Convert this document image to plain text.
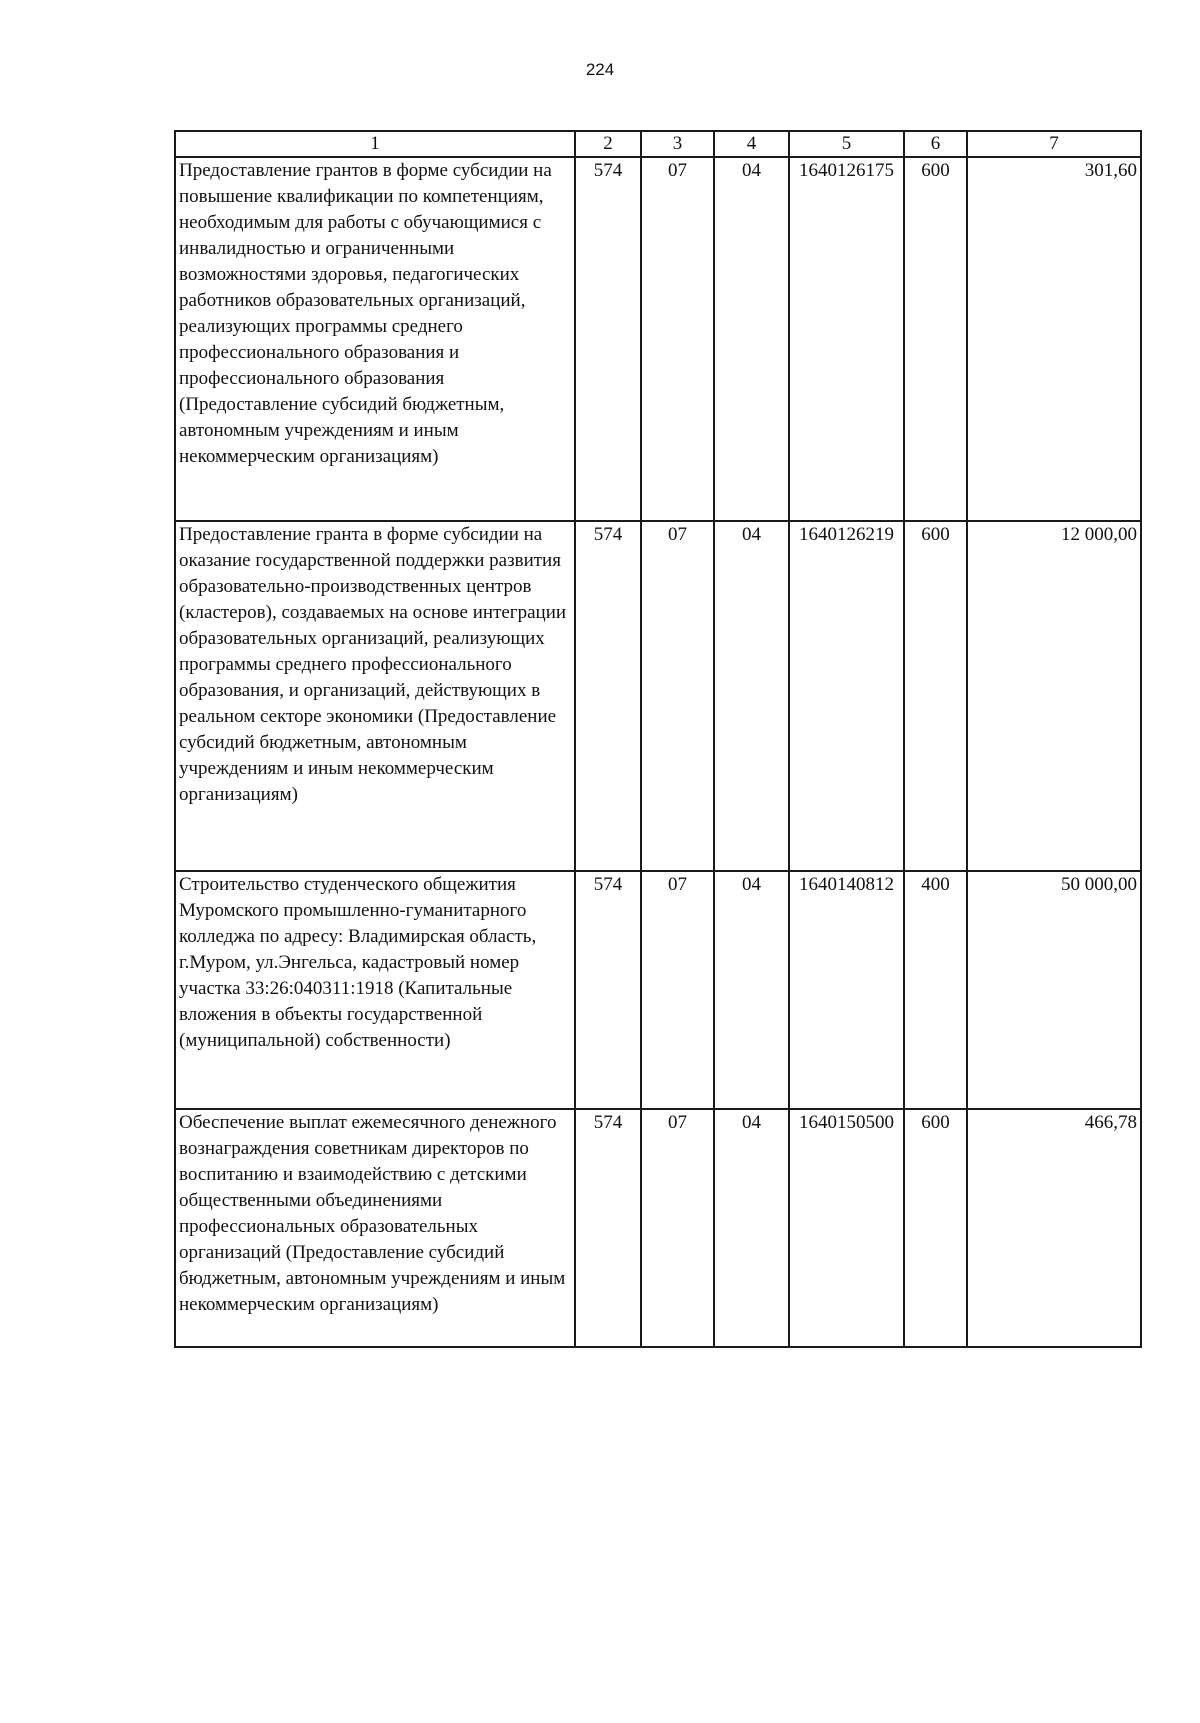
224
1	2	3	4	5	6	7
Предоставление грантов в форме субсидии на повышение квалификации по компетенциям, необходимым для работы с обучающимися с инвалидностью и ограниченными возможностями здоровья, педагогических работников образовательных организаций, реализующих программы среднего профессионального образования и профессионального образования (Предоставление субсидий бюджетным, автономным учреждениям и иным некоммерческим организациям)	574	07	04	1640126175	600	301,60
Предоставление гранта в форме субсидии на оказание государственной поддержки развития образовательно-производственных центров (кластеров), создаваемых на основе интеграции образовательных организаций, реализующих программы среднего профессионального образования, и организаций, действующих в реальном секторе экономики (Предоставление субсидий бюджетным, автономным учреждениям и иным некоммерческим организациям)	574	07	04	1640126219	600	12 000,00
Строительство студенческого общежития Муромского промышленно-гуманитарного колледжа по адресу: Владимирская область, г.Муром, ул.Энгельса, кадастровый номер участка 33:26:040311:1918 (Капитальные вложения в объекты государственной (муниципальной) собственности)	574	07	04	1640140812	400	50 000,00
Обеспечение выплат ежемесячного денежного вознаграждения советникам директоров по воспитанию и взаимодействию с детскими общественными объединениями профессиональных образовательных организаций (Предоставление субсидий бюджетным, автономным учреждениям и иным некоммерческим организациям)	574	07	04	1640150500	600	466,78
